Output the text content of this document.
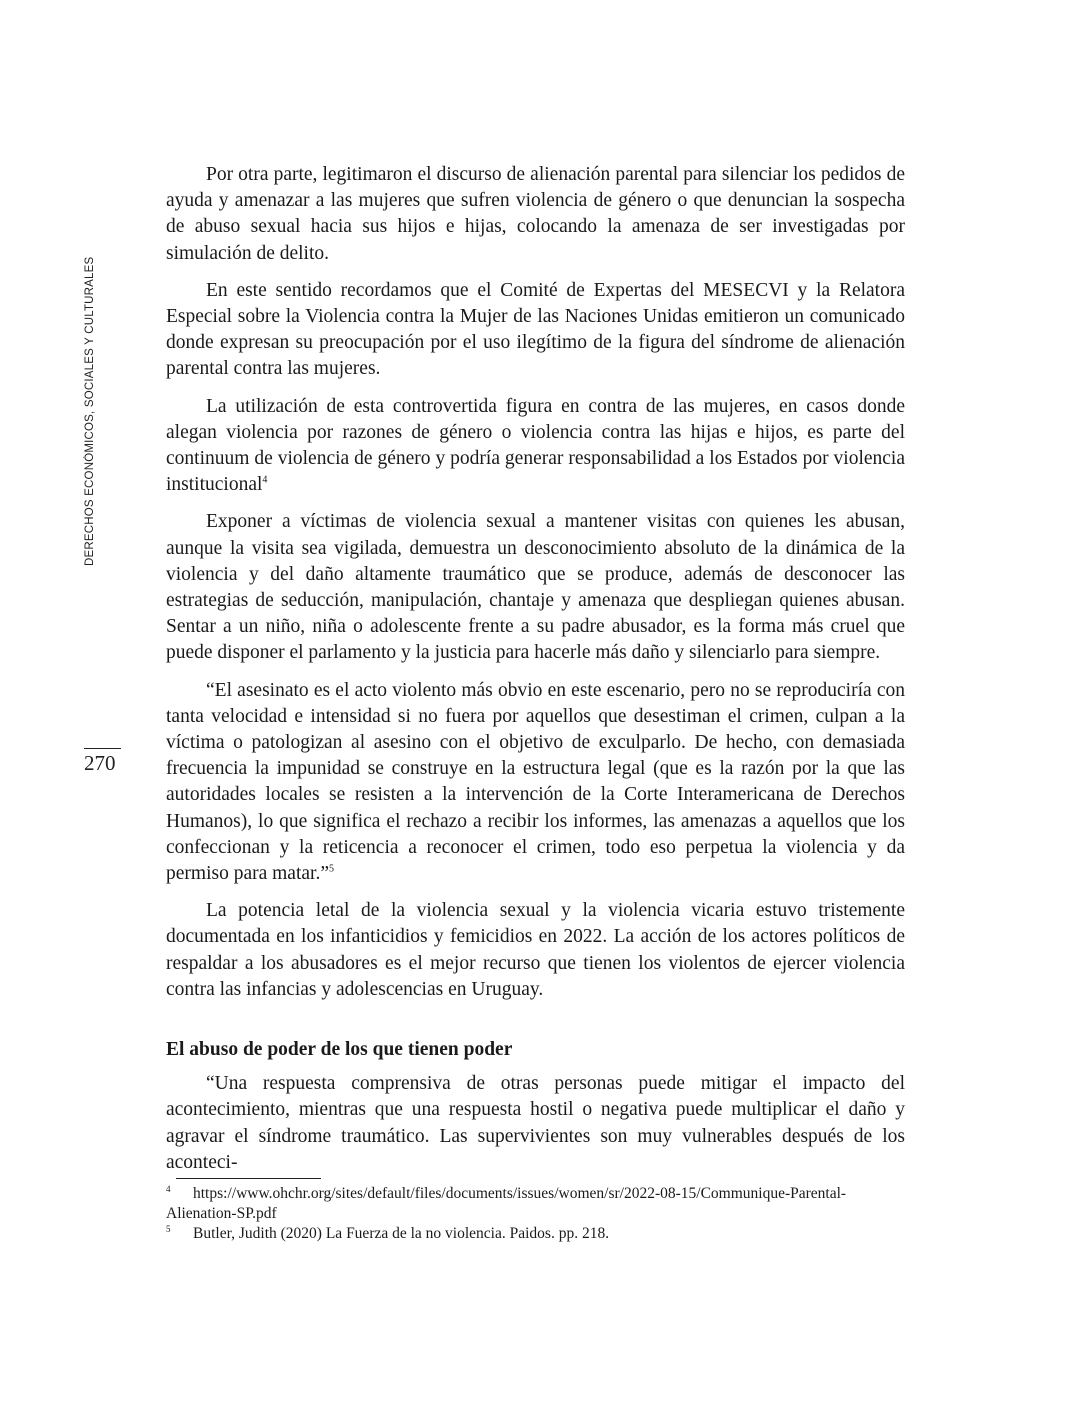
DERECHOS ECONÓMICOS, SOCIALES Y CULTURALES
270

Por otra parte, legitimaron el discurso de alienación parental para silenciar los pedidos de ayuda y amenazar a las mujeres que sufren violencia de género o que denuncian la sospecha de abuso sexual hacia sus hijos e hijas, colocando la amenaza de ser investigadas por simulación de delito.

En este sentido recordamos que el Comité de Expertas del MESECVI y la Relatora Especial sobre la Violencia contra la Mujer de las Naciones Unidas emitieron un comunicado donde expresan su preocupación por el uso ilegítimo de la figura del síndrome de alienación parental contra las mujeres.

La utilización de esta controvertida figura en contra de las mujeres, en casos donde alegan violencia por razones de género o violencia contra las hijas e hijos, es parte del continuum de violencia de género y podría generar responsabilidad a los Estados por violencia institucional$^4$

Exponer a víctimas de violencia sexual a mantener visitas con quienes les abusan, aunque la visita sea vigilada, demuestra un desconocimiento absoluto de la dinámica de la violencia y del daño altamente traumático que se produce, además de desconocer las estrategias de seducción, manipulación, chantaje y amenaza que despliegan quienes abusan. Sentar a un niño, niña o adolescente frente a su padre abusador, es la forma más cruel que puede disponer el parlamento y la justicia para hacerle más daño y silenciarlo para siempre.

“El asesinato es el acto violento más obvio en este escenario, pero no se reproduciría con tanta velocidad e intensidad si no fuera por aquellos que desestiman el crimen, culpan a la víctima o patologizan al asesino con el objetivo de exculparlo. De hecho, con demasiada frecuencia la impunidad se construye en la estructura legal (que es la razón por la que las autoridades locales se resisten a la intervención de la Corte Interamericana de Derechos Humanos), lo que significa el rechazo a recibir los informes, las amenazas a aquellos que los confeccionan y la reticencia a reconocer el crimen, todo eso perpetua la violencia y da permiso para matar.”$^5$

La potencia letal de la violencia sexual y la violencia vicaria estuvo tristemente documentada en los infanticidios y femicidios en 2022. La acción de los actores políticos de respaldar a los abusadores es el mejor recurso que tienen los violentos de ejercer violencia contra las infancias y adolescencias en Uruguay.

El abuso de poder de los que tienen poder

“Una respuesta comprensiva de otras personas puede mitigar el impacto del acontecimiento, mientras que una respuesta hostil o negativa puede multiplicar el daño y agravar el síndrome traumático. Las supervivientes son muy vulnerables después de los aconteci-

4 https://www.ohchr.org/sites/default/files/documents/issues/women/sr/2022-08-15/Communique-Parental-Alienation-SP.pdf

5 Butler, Judith (2020) La Fuerza de la no violencia. Paidos. pp. 218.
